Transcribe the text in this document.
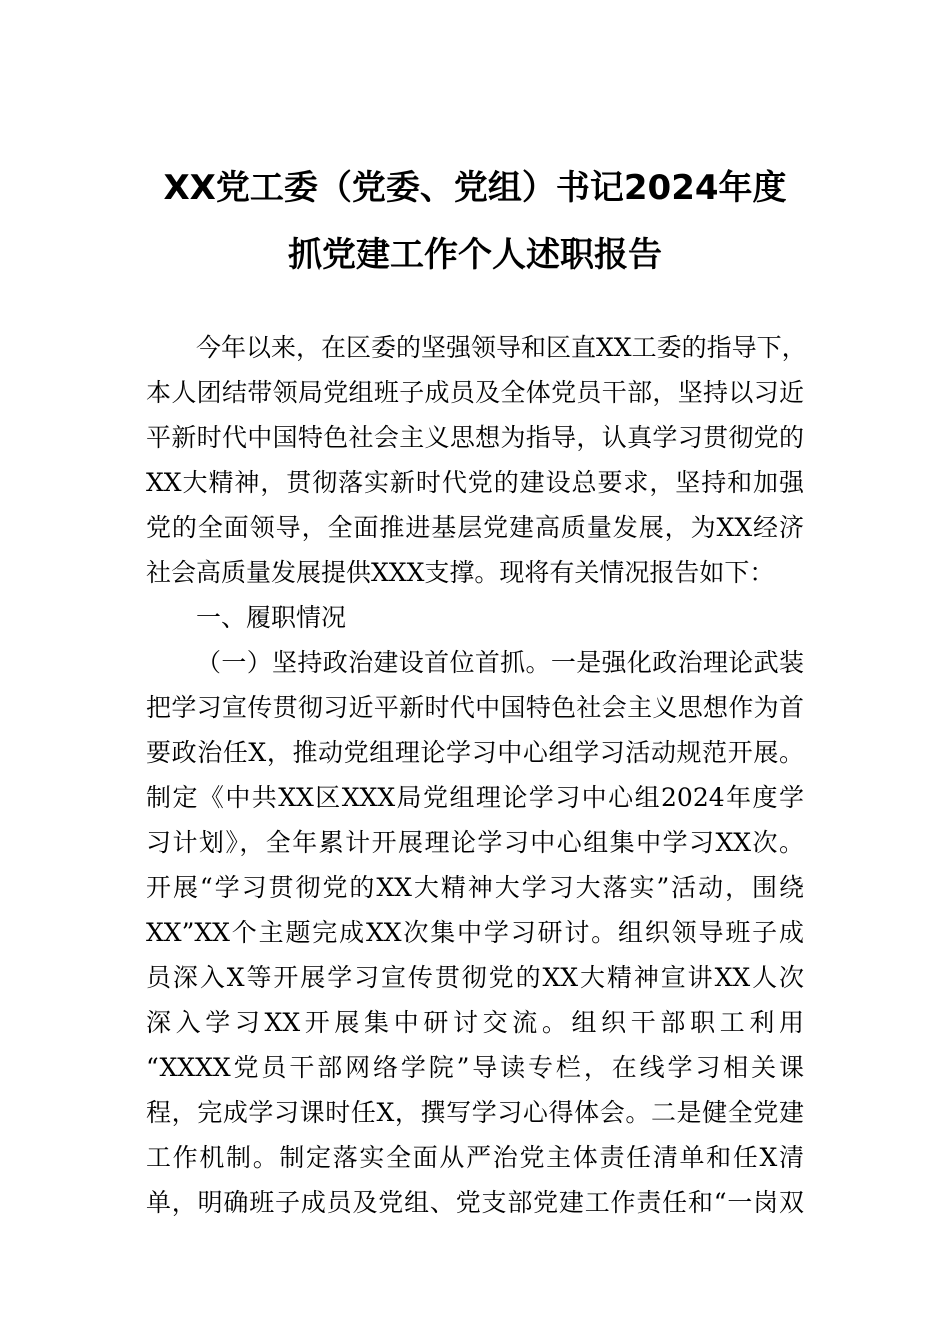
XX党工委（党委、党组）书记2024年度
抓党建工作个人述职报告
今年以来，在区委的坚强领导和区直XX工委的指导下，
本人团结带领局党组班子成员及全体党员干部，坚持以习近
平新时代中国特色社会主义思想为指导，认真学习贯彻党的
XX大精神，贯彻落实新时代党的建设总要求，坚持和加强
党的全面领导，全面推进基层党建高质量发展，为XX经济
社会高质量发展提供XXX支撑。现将有关情况报告如下：
一、履职情况
（一）坚持政治建设首位首抓。一是强化政治理论武装
把学习宣传贯彻习近平新时代中国特色社会主义思想作为首
要政治任X，推动党组理论学习中心组学习活动规范开展。
制定《中共XX区XXX局党组理论学习中心组2024年度学
习计划》，全年累计开展理论学习中心组集中学习XX次。
开展“学习贯彻党的XX大精神大学习大落实”活动，围绕
XX”XX个主题完成XX次集中学习研讨。组织领导班子成
员深入X等开展学习宣传贯彻党的XX大精神宣讲XX人次
深入学习XX开展集中研讨交流。组织干部职工利用
“XXXX党员干部网络学院”导读专栏，在线学习相关课
程，完成学习课时任X，撰写学习心得体会。二是健全党建
工作机制。制定落实全面从严治党主体责任清单和任X清
单，明确班子成员及党组、党支部党建工作责任和“一岗双
